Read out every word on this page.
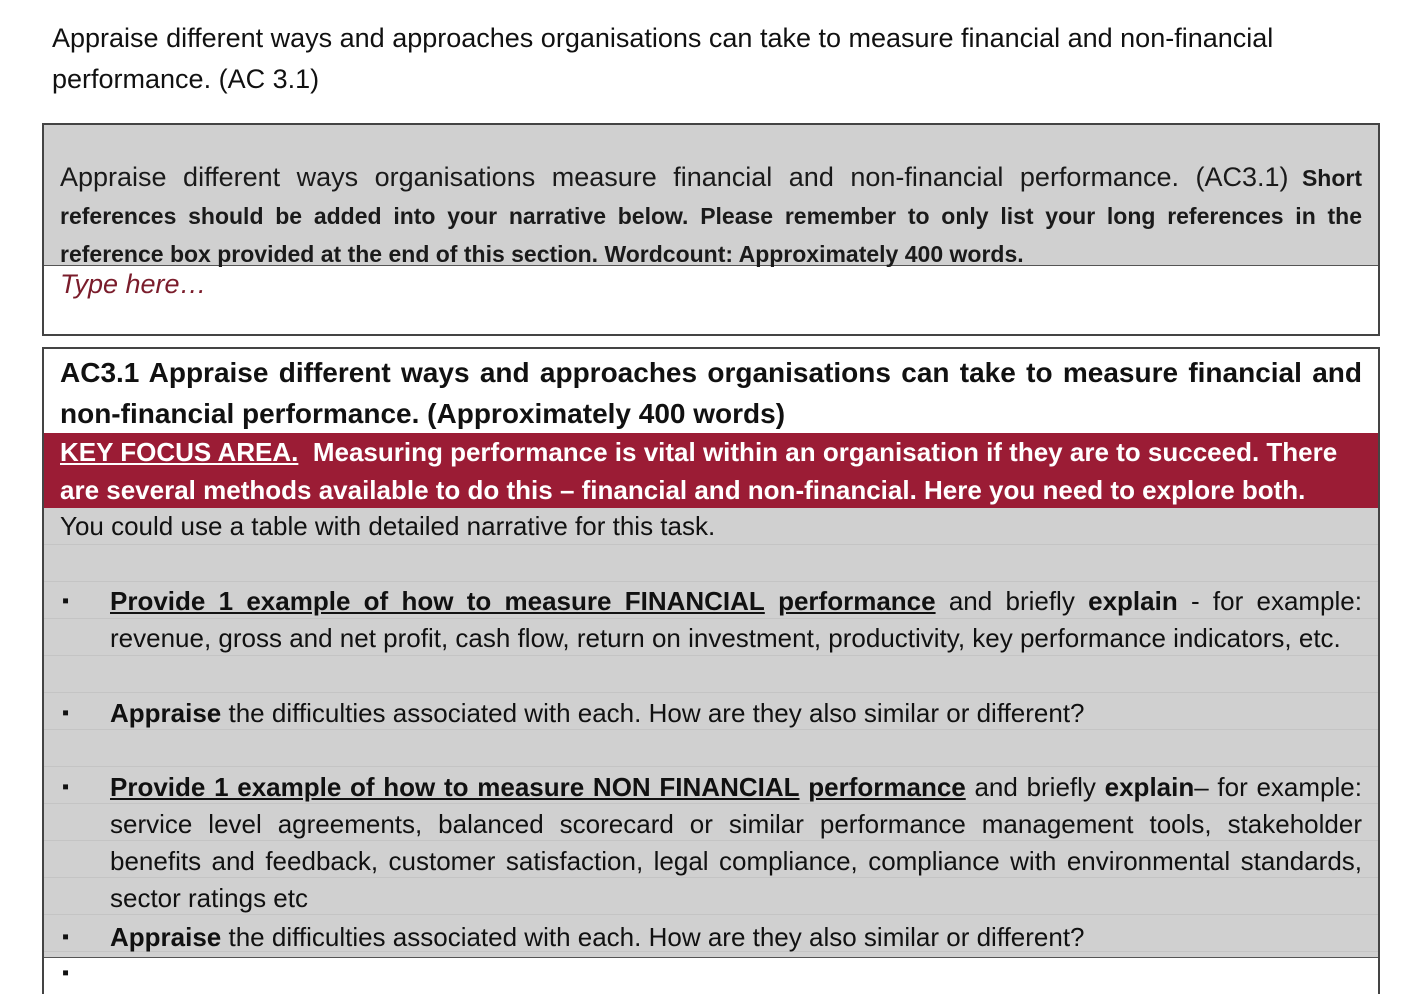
Appraise different ways and approaches organisations can take to measure financial and non-financial performance. (AC 3.1)
Appraise different ways organisations measure financial and non-financial performance. (AC3.1) Short references should be added into your narrative below. Please remember to only list your long references in the reference box provided at the end of this section. Wordcount: Approximately 400 words.
Type here…
AC3.1 Appraise different ways and approaches organisations can take to measure financial and non-financial performance. (Approximately 400 words)
KEY FOCUS AREA. Measuring performance is vital within an organisation if they are to succeed. There are several methods available to do this – financial and non-financial. Here you need to explore both.
You could use a table with detailed narrative for this task.
▪ Provide 1 example of how to measure FINANCIAL performance and briefly explain - for example: revenue, gross and net profit, cash flow, return on investment, productivity, key performance indicators, etc.
▪ Appraise the difficulties associated with each. How are they also similar or different?
▪ Provide 1 example of how to measure NON FINANCIAL performance and briefly explain– for example: service level agreements, balanced scorecard or similar performance management tools, stakeholder benefits and feedback, customer satisfaction, legal compliance, compliance with environmental standards, sector ratings etc
▪ Appraise the difficulties associated with each. How are they also similar or different?
▪
